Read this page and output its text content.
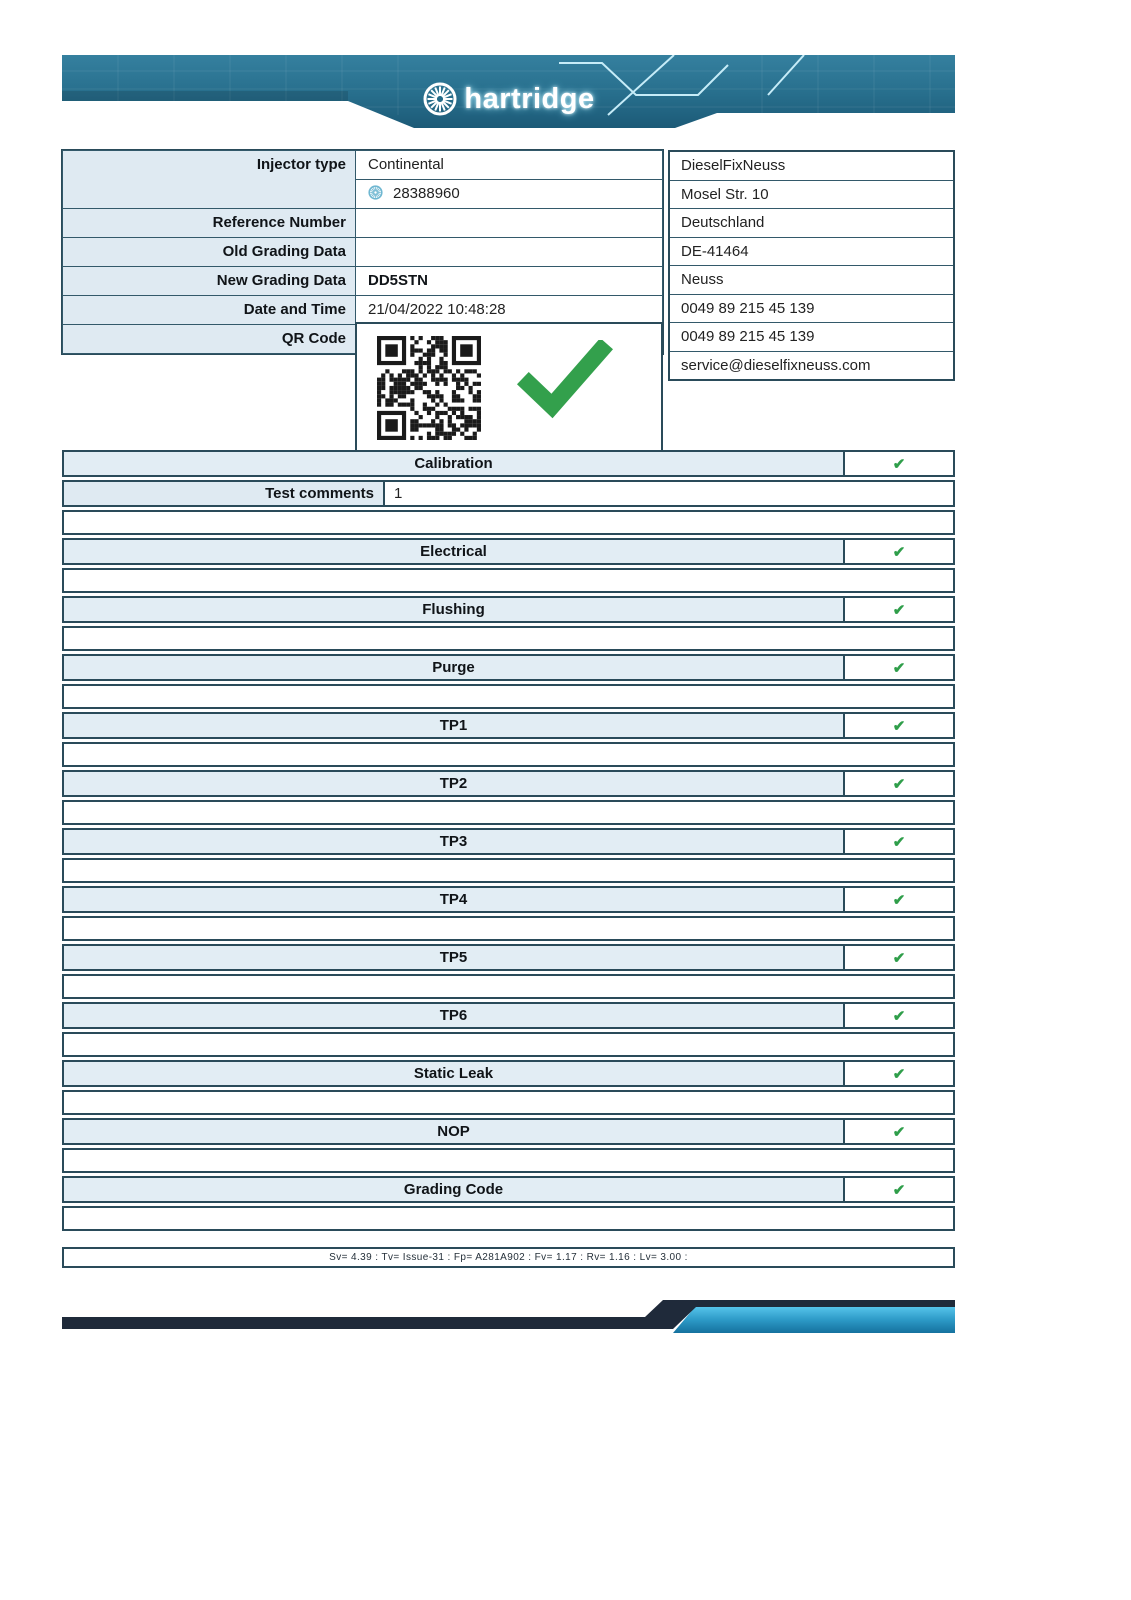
hartridge
Injector type	Continental
28388960
Reference Number
Old Grading Data
New Grading Data	DD5STN
Date and Time	21/04/2022 10:48:28
QR Code
DieselFixNeuss
Mosel Str. 10
Deutschland
DE-41464
Neuss
0049 89 215 45 139
0049 89 215 45 139
service@dieselfixneuss.com
Calibration	✔
Test comments	1
Electrical	✔
Flushing	✔
Purge	✔
TP1	✔
TP2	✔
TP3	✔
TP4	✔
TP5	✔
TP6	✔
Static Leak	✔
NOP	✔
Grading Code	✔
Sv= 4.39 : Tv= Issue-31 : Fp= A281A902 : Fv= 1.17 : Rv= 1.16 : Lv= 3.00 :
